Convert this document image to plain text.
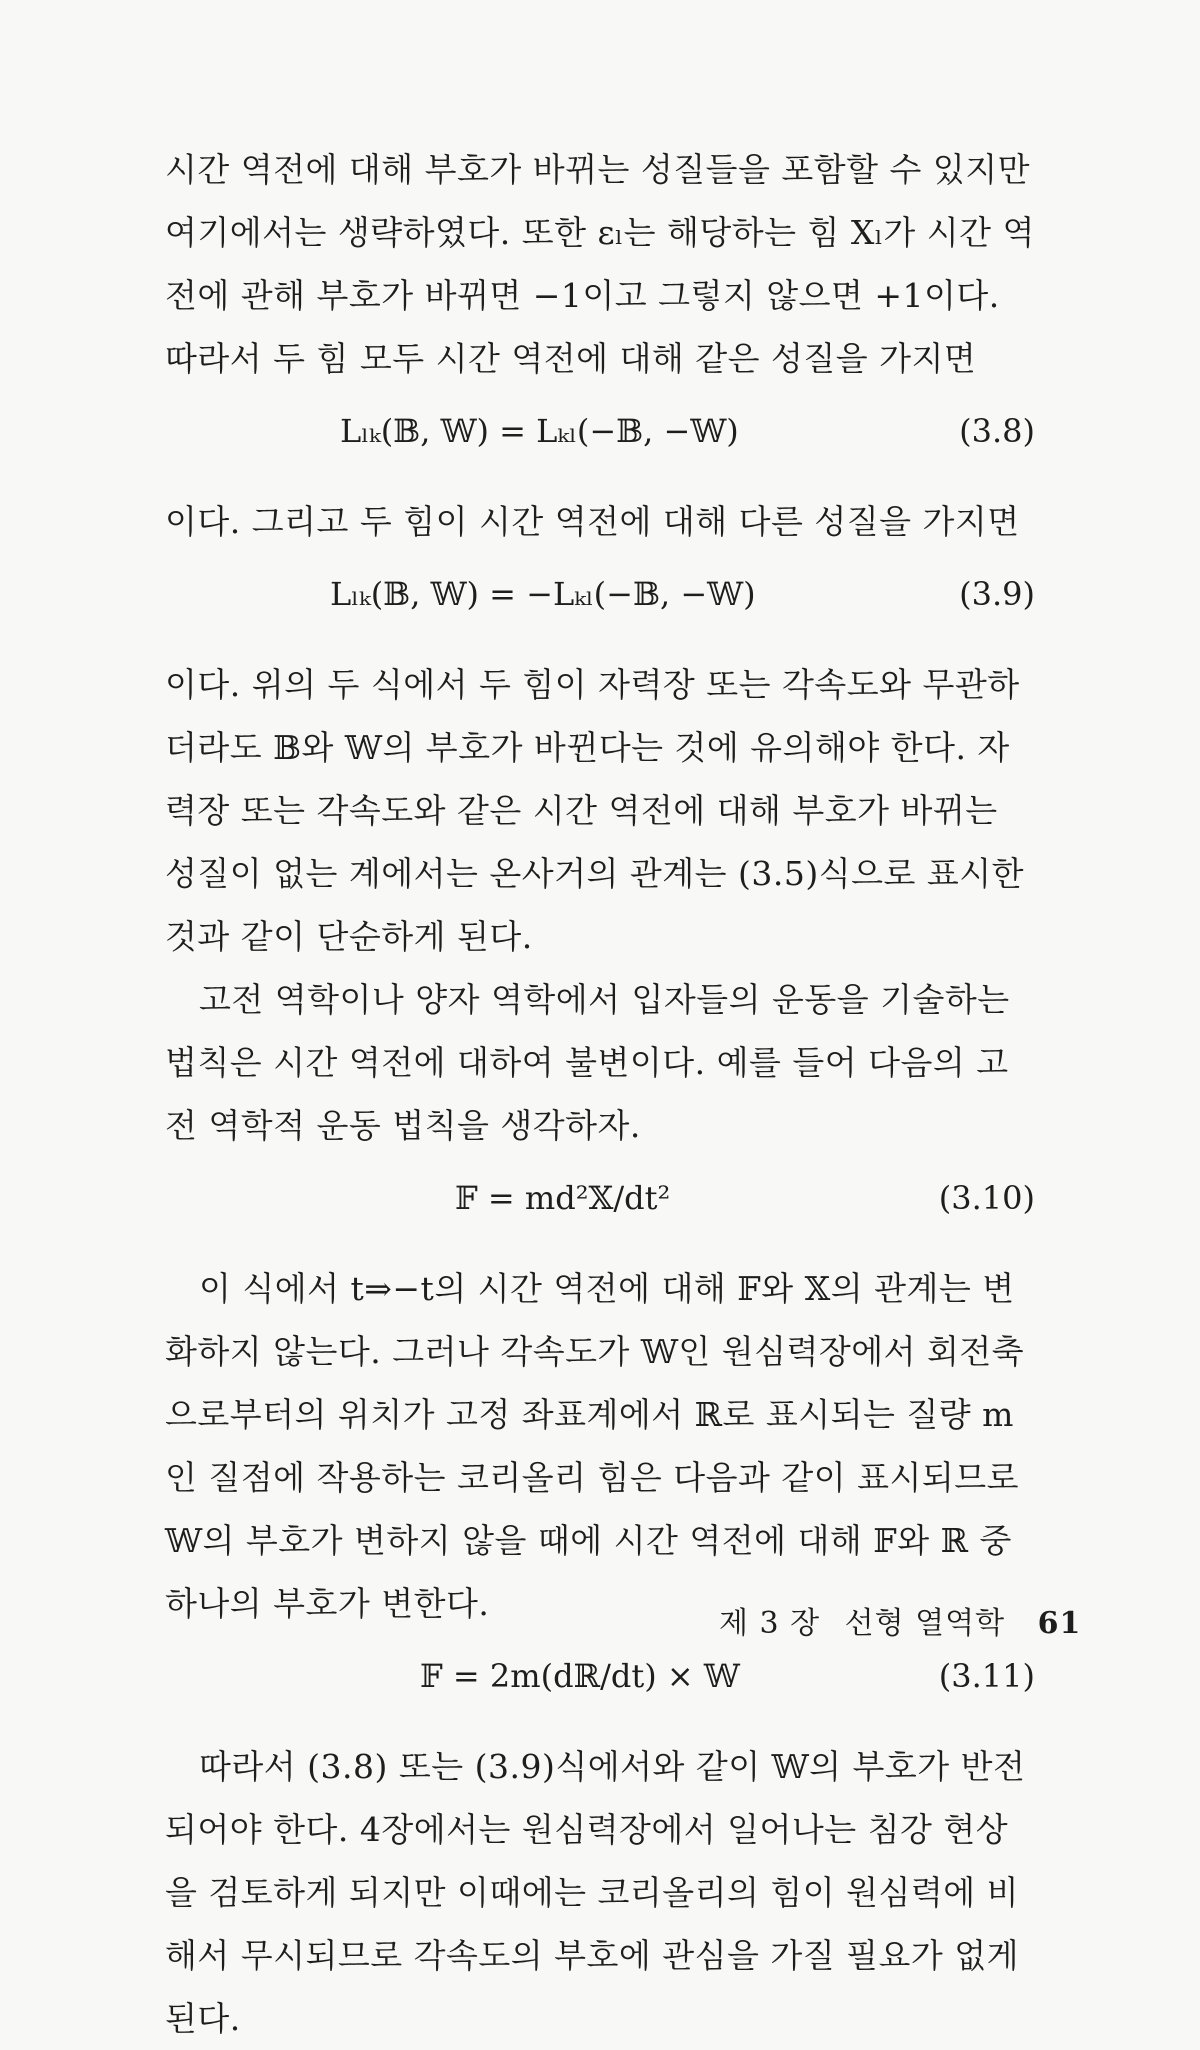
시간 역전에 대해 부호가 바뀌는 성질들을 포함할 수 있지만 여기에서는 생략하였다. 또한 εₗ는 해당하는 힘 Xₗ가 시간 역전에 관해 부호가 바뀌면 −1이고 그렇지 않으면 +1이다. 따라서 두 힘 모두 시간 역전에 대해 같은 성질을 가지면

Lₗₖ(𝔹, 𝕎) = Lₖₗ(−𝔹, −𝕎)	(3.8)

이다. 그리고 두 힘이 시간 역전에 대해 다른 성질을 가지면

Lₗₖ(𝔹, 𝕎) = −Lₖₗ(−𝔹, −𝕎)	(3.9)

이다. 위의 두 식에서 두 힘이 자력장 또는 각속도와 무관하더라도 𝔹와 𝕎의 부호가 바뀐다는 것에 유의해야 한다. 자력장 또는 각속도와 같은 시간 역전에 대해 부호가 바뀌는 성질이 없는 계에서는 온사거의 관계는 (3.5)식으로 표시한 것과 같이 단순하게 된다.

고전 역학이나 양자 역학에서 입자들의 운동을 기술하는 법칙은 시간 역전에 대하여 불변이다. 예를 들어 다음의 고전 역학적 운동 법칙을 생각하자.

𝔽 = md²𝕏/dt²	(3.10)

이 식에서 t⇒−t의 시간 역전에 대해 𝔽와 𝕏의 관계는 변화하지 않는다. 그러나 각속도가 𝕎인 원심력장에서 회전축으로부터의 위치가 고정 좌표계에서 ℝ로 표시되는 질량 m인 질점에 작용하는 코리올리 힘은 다음과 같이 표시되므로 𝕎의 부호가 변하지 않을 때에 시간 역전에 대해 𝔽와 ℝ 중 하나의 부호가 변한다.

𝔽 = 2m(dℝ/dt) × 𝕎	(3.11)

따라서 (3.8) 또는 (3.9)식에서와 같이 𝕎의 부호가 반전되어야 한다. 4장에서는 원심력장에서 일어나는 침강 현상을 검토하게 되지만 이때에는 코리올리의 힘이 원심력에 비해서 무시되므로 각속도의 부호에 관심을 가질 필요가 없게 된다.

제 3 장 선형 열역학 61
